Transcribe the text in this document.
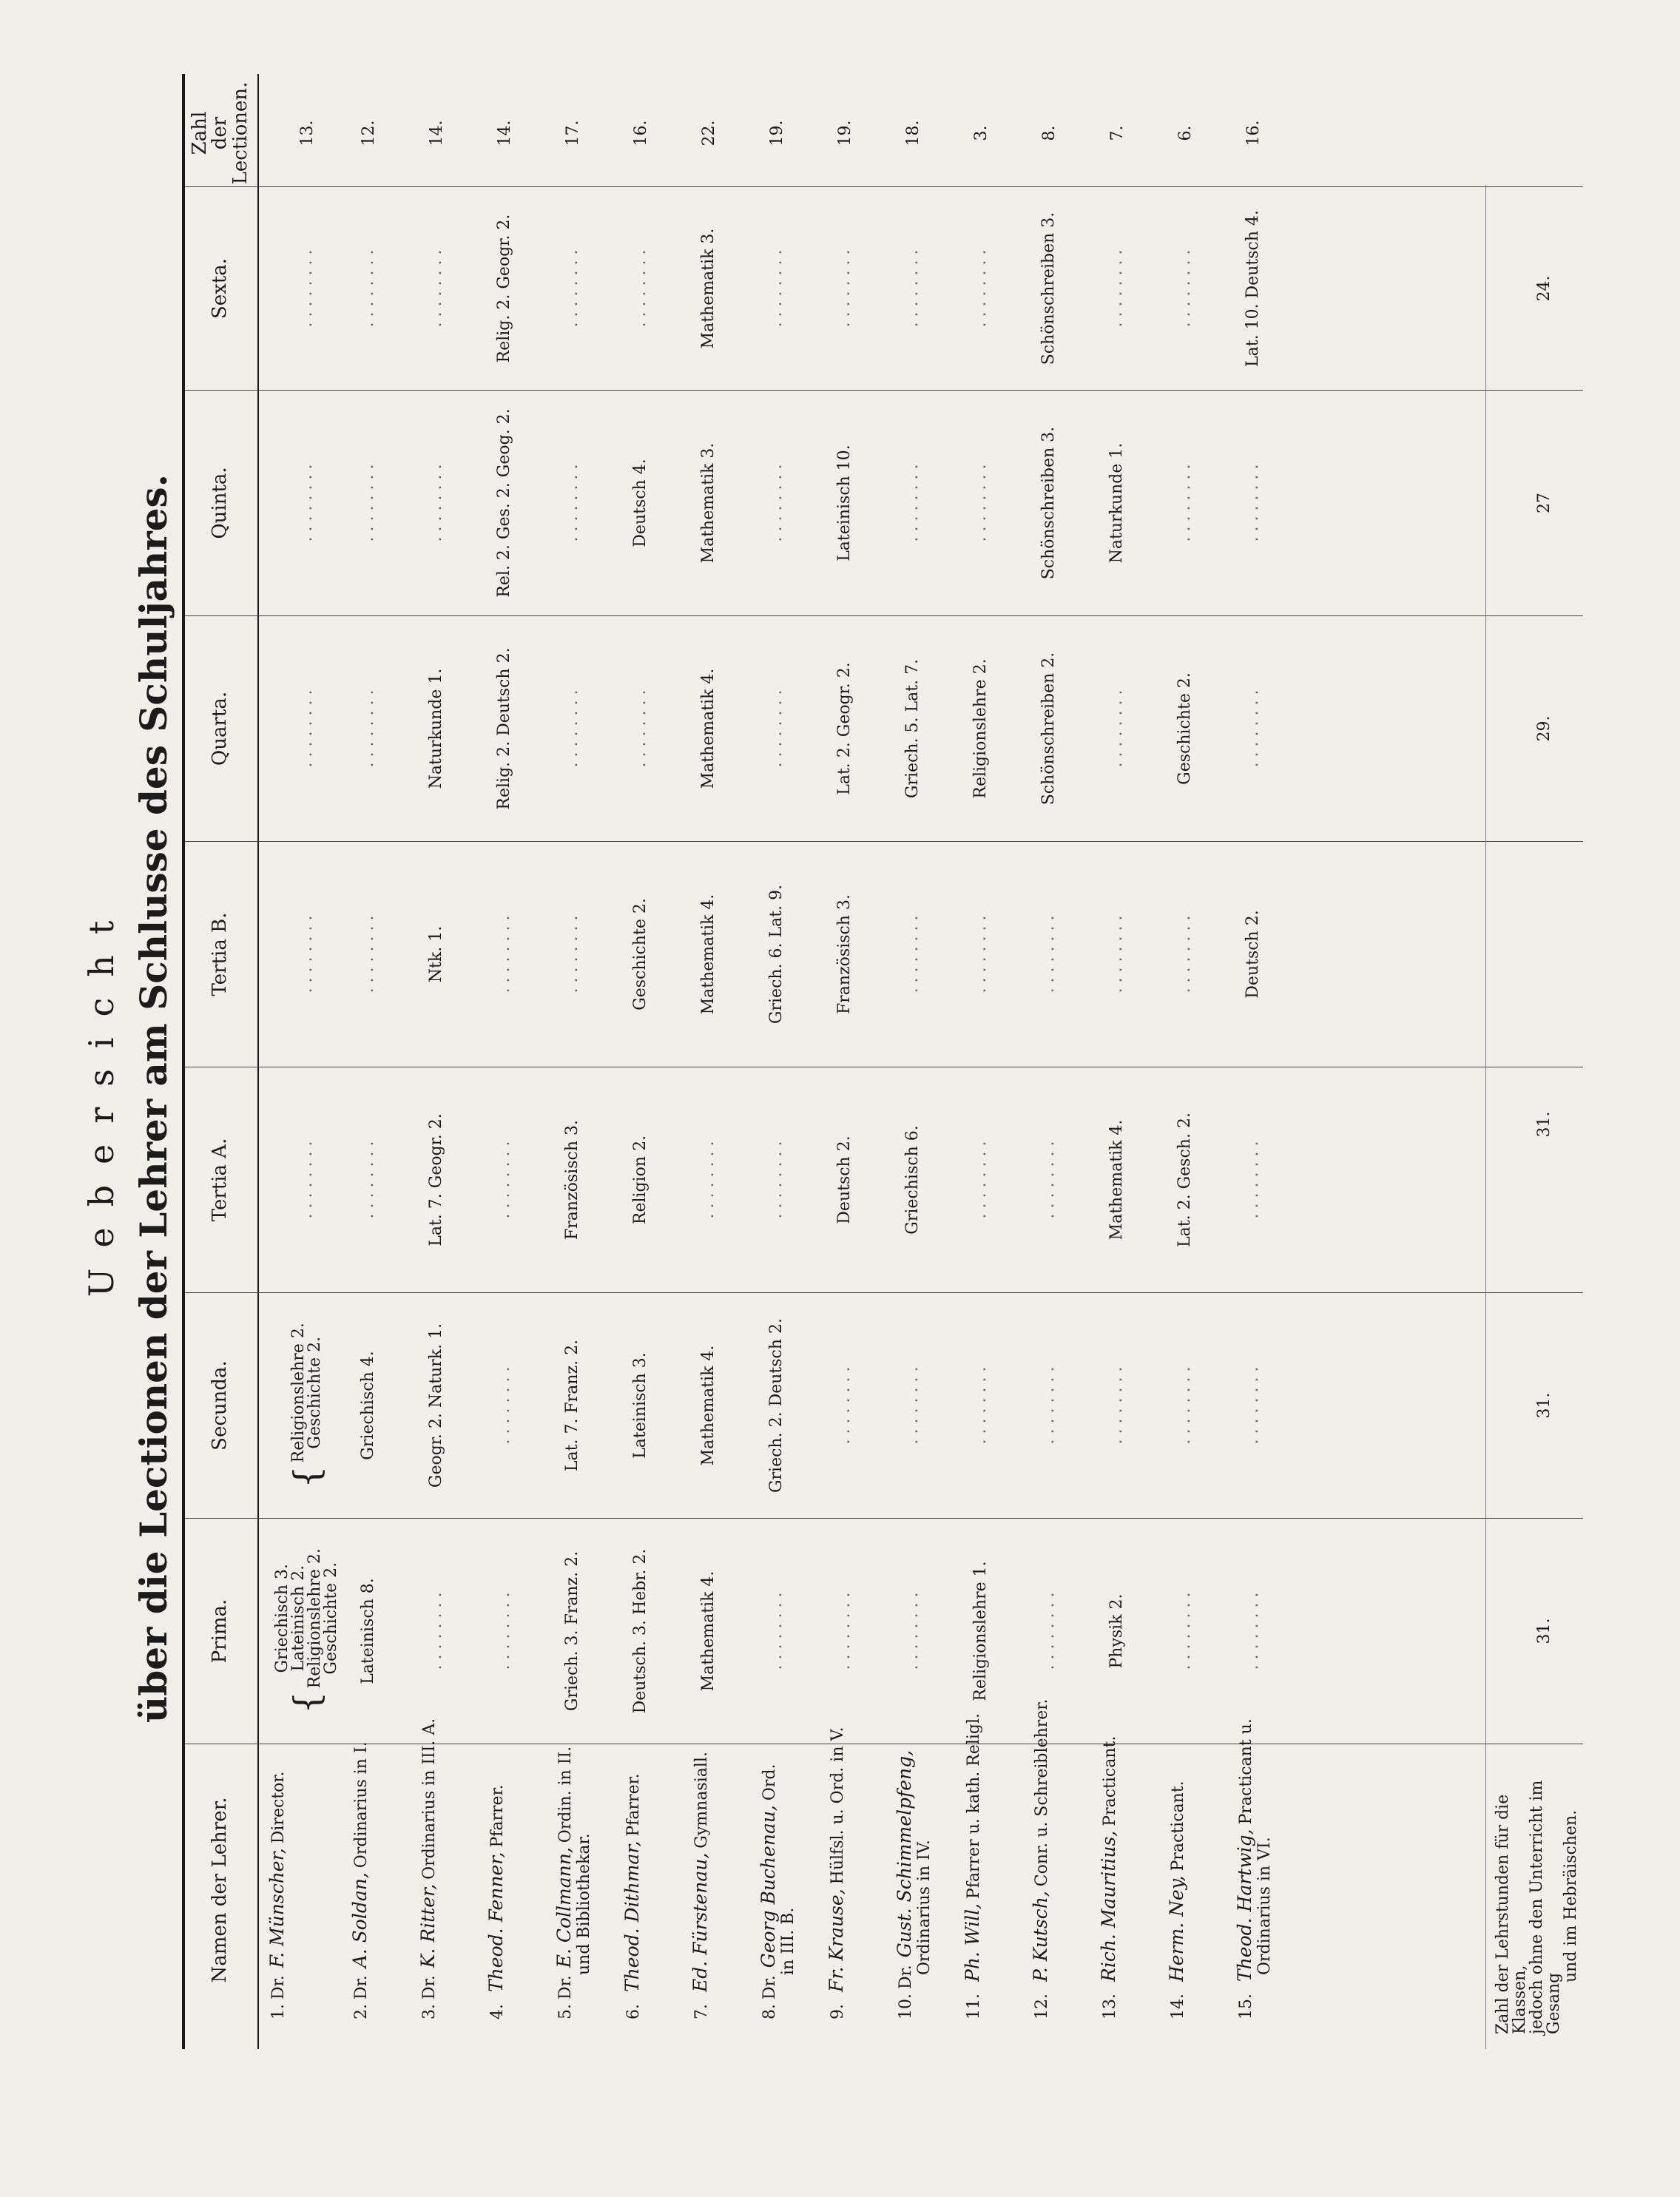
Uebersicht über die Lectionen der Lehrer am Schlusse des Schuljahres.
Namen der Lehrer.
Prima.
Secunda.
Tertia A.
Tertia B.
Quarta.
Quinta.
Sexta.
Zahl
der
Lectionen.
1.Dr.F. Münscher,Director.
{
Griechisch 3.
Lateinisch 2.
Religionslehre 2.
Geschichte 2.
{
Religionslehre 2.
Geschichte 2.
. . . . . . . .
. . . . . . . .
. . . . . . . .
. . . . . . . .
. . . . . . . .
13.
2.Dr.A. Soldan,Ordinarius in I.
Lateinisch 8.
Griechisch 4.
. . . . . . . .
. . . . . . . .
. . . . . . . .
. . . . . . . .
. . . . . . . .
12.
3.Dr.K. Ritter,Ordinarius in III. A.
. . . . . . . .
Geogr. 2. Naturk. 1.
Lat. 7. Geogr. 2.
Ntk. 1.
Naturkunde 1.
. . . . . . . .
. . . . . . . .
14.
4.Theod. Fenner,Pfarrer.
. . . . . . . .
. . . . . . . .
. . . . . . . .
. . . . . . . .
Relig. 2. Deutsch 2.
Rel. 2. Ges. 2. Geog. 2.
Relig. 2. Geogr. 2.
14.
5.Dr.E. Collmann,Ordin. in II.
und Bibliothekar.
Griech. 3. Franz. 2.
Lat. 7. Franz. 2.
Französisch 3.
. . . . . . . .
. . . . . . . .
. . . . . . . .
. . . . . . . .
17.
6.Theod. Dithmar,Pfarrer.
Deutsch. 3. Hebr. 2.
Lateinisch 3.
Religion 2.
Geschichte 2.
. . . . . . . .
Deutsch 4.
. . . . . . . .
16.
7.Ed. Fürstenau,Gymnasiall.
Mathematik 4.
Mathematik 4.
. . . . . . . .
Mathematik 4.
Mathematik 4.
Mathematik 3.
Mathematik 3.
22.
8.Dr.Georg Buchenau,Ord.
in III. B.
. . . . . . . .
Griech. 2. Deutsch 2.
. . . . . . . .
Griech. 6. Lat. 9.
. . . . . . . .
. . . . . . . .
. . . . . . . .
19.
9.Fr. Krause,Hülfsl. u. Ord. in V.
. . . . . . . .
. . . . . . . .
Deutsch 2.
Französisch 3.
Lat. 2. Geogr. 2.
Lateinisch 10.
. . . . . . . .
19.
10.Dr.Gust. Schimmelpfeng, Ordinarius in IV.
. . . . . . . .
. . . . . . . .
Griechisch 6.
. . . . . . . .
Griech. 5. Lat. 7.
. . . . . . . .
. . . . . . . .
18.
11.Ph. Will,Pfarrer u. kath. Religl.
Religionslehre 1.
. . . . . . . .
. . . . . . . .
. . . . . . . .
Religionslehre 2.
. . . . . . . .
. . . . . . . .
3.
12.P. Kutsch,Conr. u. Schreiblehrer.
. . . . . . . .
. . . . . . . .
. . . . . . . .
. . . . . . . .
Schönschreiben 2.
Schönschreiben 3.
Schönschreiben 3.
8.
13.Rich. Mauritius,Practicant.
Physik 2.
. . . . . . . .
Mathematik 4.
. . . . . . . .
. . . . . . . .
Naturkunde 1.
. . . . . . . .
7.
14.Herm. Ney,Practicant.
. . . . . . . .
. . . . . . . .
Lat. 2. Gesch. 2.
. . . . . . . .
Geschichte 2.
. . . . . . . .
. . . . . . . .
6.
15.Theod. Hartwig,Practicant u.
Ordinarius in VI.
. . . . . . . .
. . . . . . . .
. . . . . . . .
Deutsch 2.
. . . . . . . .
. . . . . . . .
Lat. 10. Deutsch 4.
16.
Zahl der Lehrstunden für die Klassen,
jedoch ohne den Unterricht im Gesang
und im Hebräischen.
31.
31.
31.
29.
27
24.
